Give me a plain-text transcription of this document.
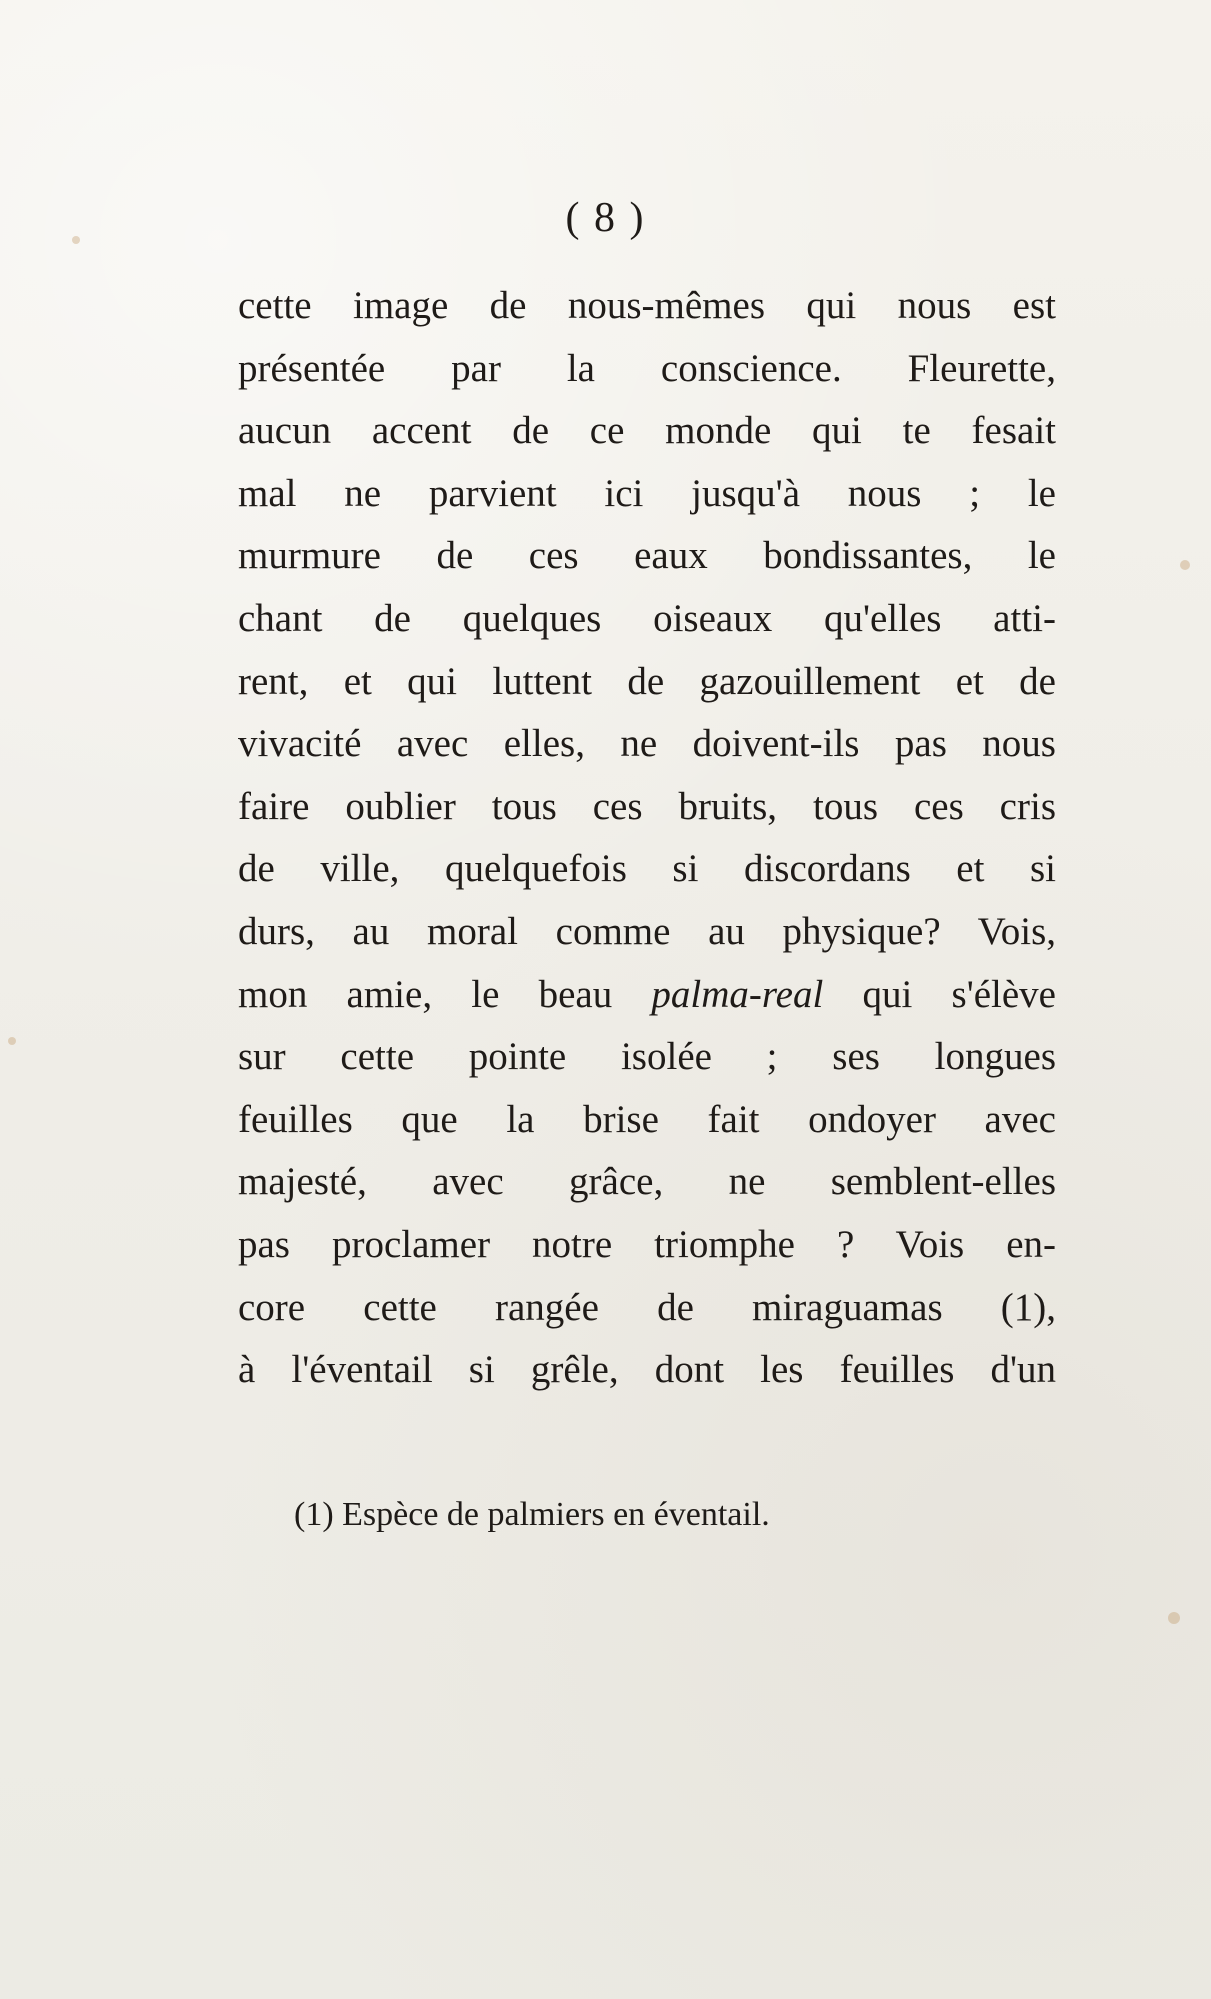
( 8 )
cette image de nous-mêmes qui nous est
présentée par la conscience. Fleurette,
aucun accent de ce monde qui te fesait
mal ne parvient ici jusqu'à nous ; le
murmure de ces eaux bondissantes, le
chant de quelques oiseaux qu'elles atti-
rent, et qui luttent de gazouillement et de
vivacité avec elles, ne doivent-ils pas nous
faire oublier tous ces bruits, tous ces cris
de ville, quelquefois si discordans et si
durs, au moral comme au physique? Vois,
mon amie, le beau palma-real qui s'élève
sur cette pointe isolée ; ses longues
feuilles que la brise fait ondoyer avec
majesté, avec grâce, ne semblent-elles
pas proclamer notre triomphe ? Vois en-
core cette rangée de miraguamas (1),
à l'éventail si grêle, dont les feuilles d'un
(1) Espèce de palmiers en éventail.
